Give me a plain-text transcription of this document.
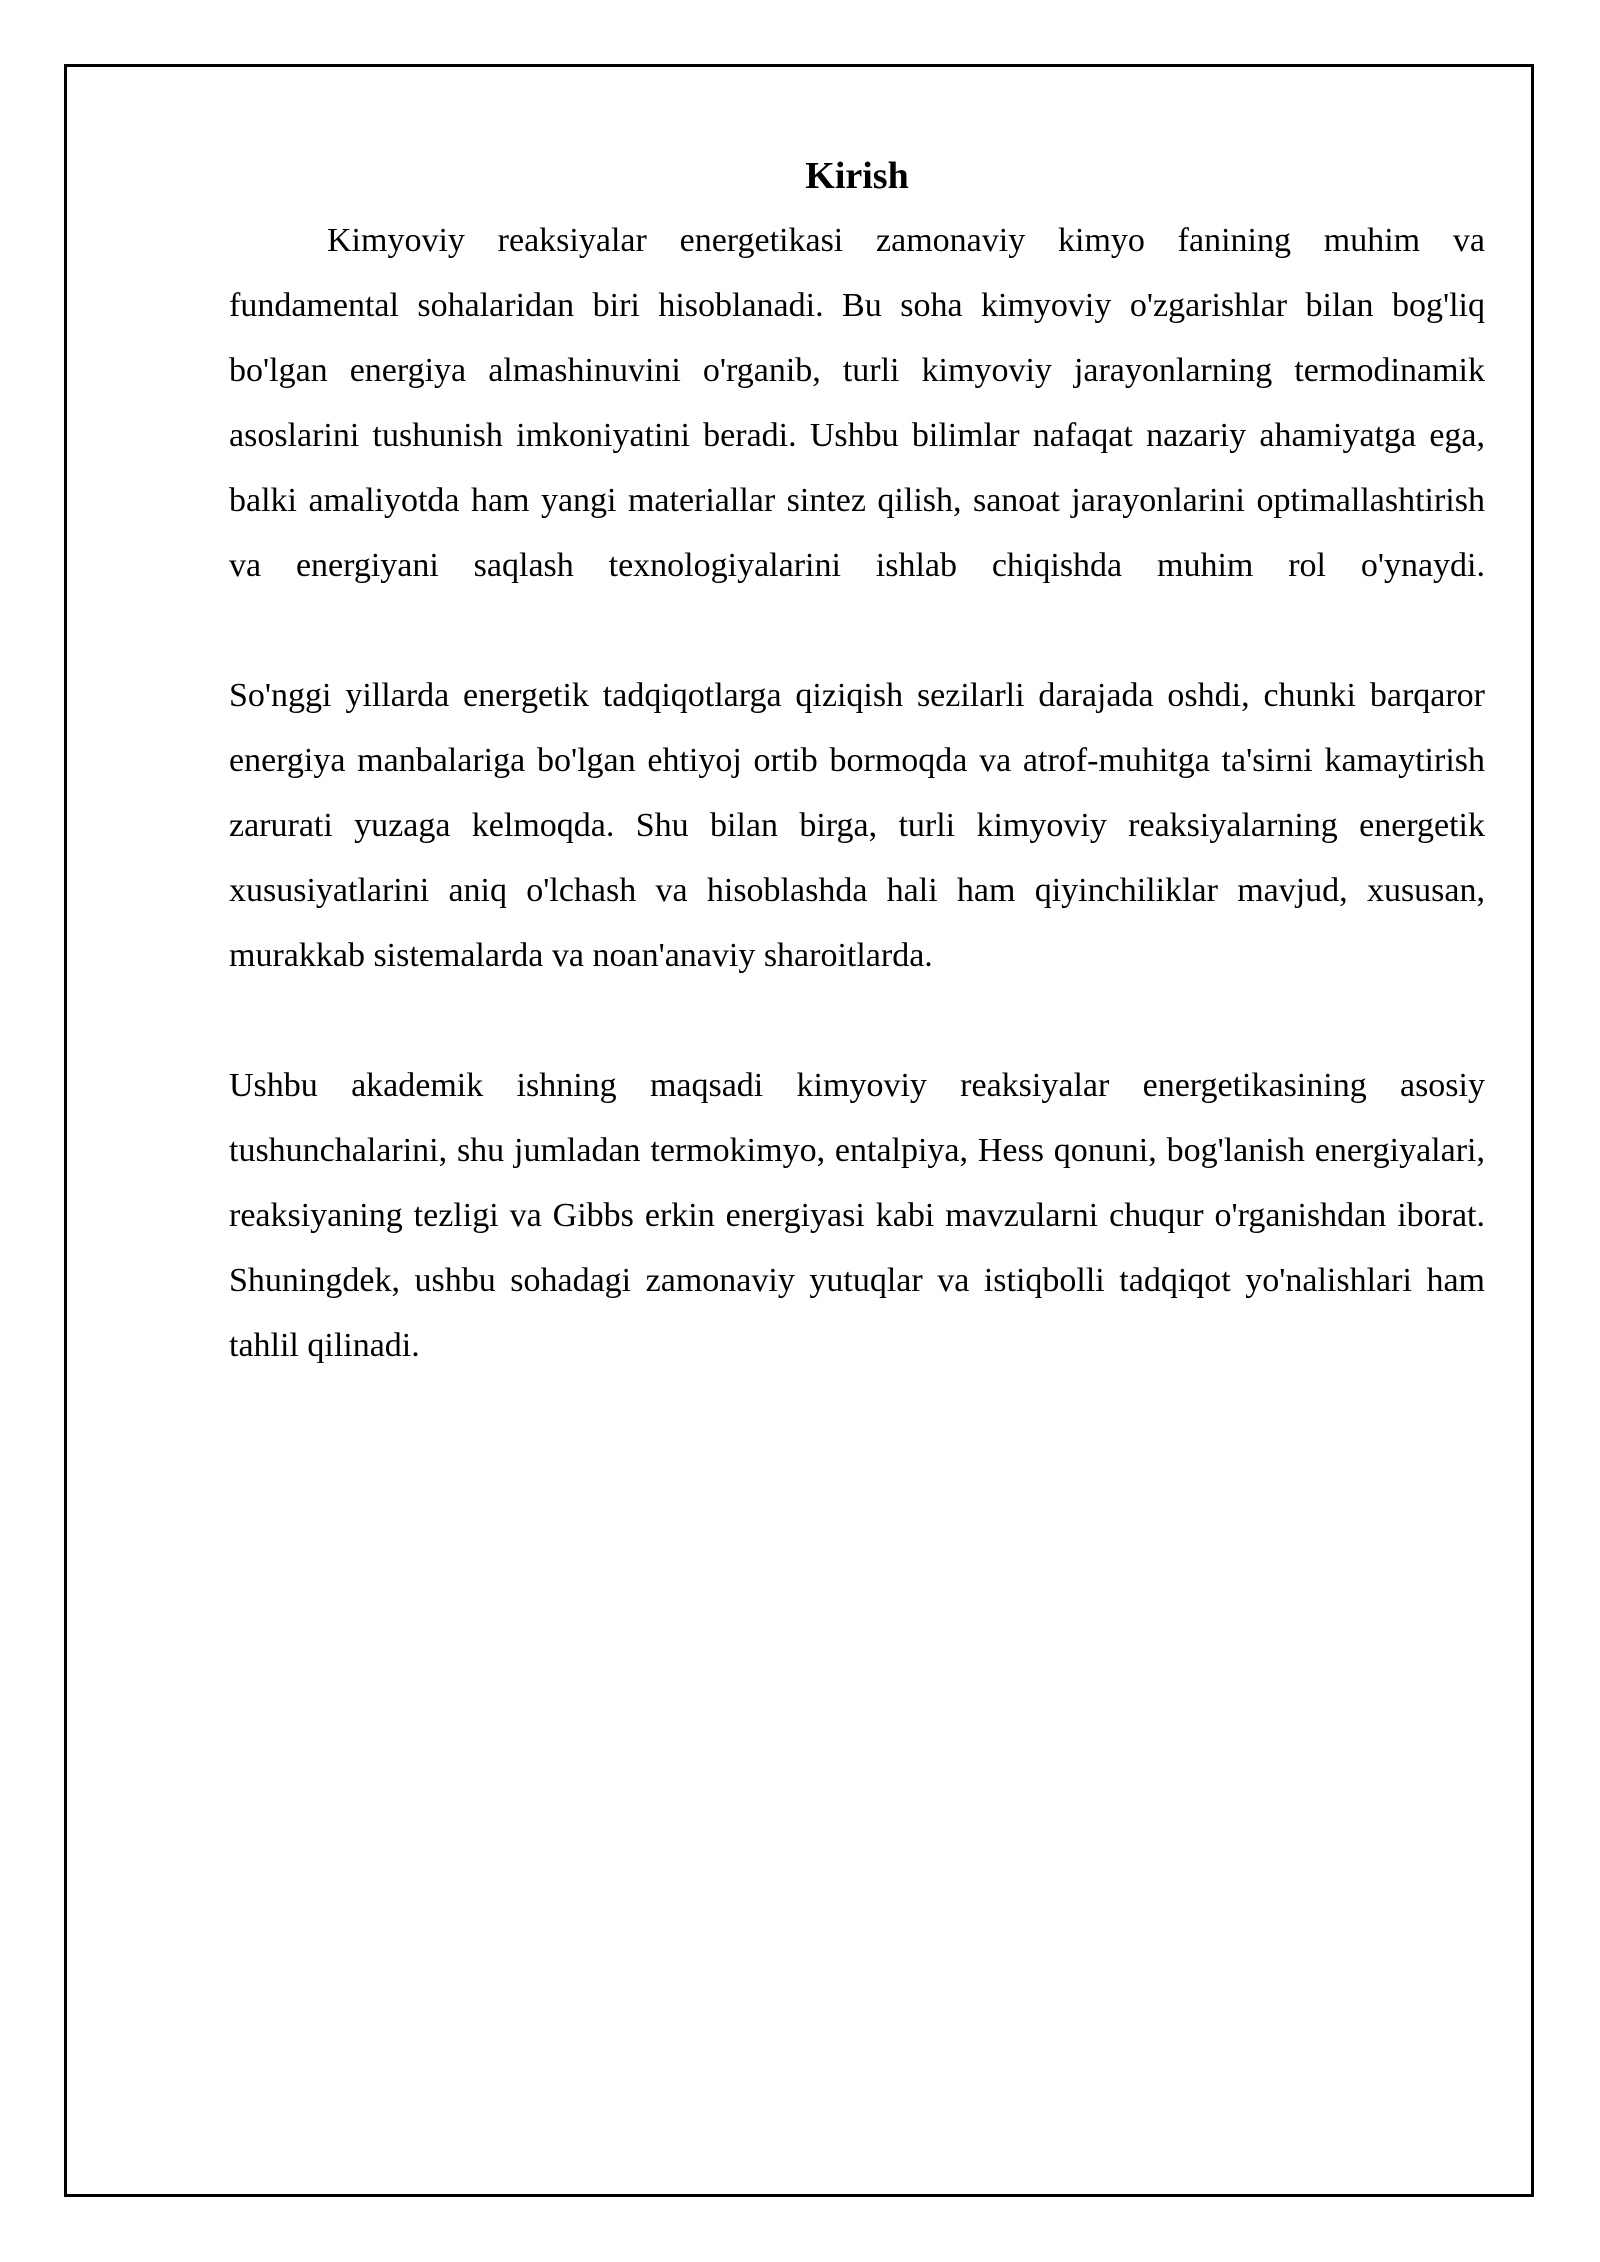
Kirish

Kimyoviy reaksiyalar energetikasi zamonaviy kimyo fanining muhim va fundamental sohalaridan biri hisoblanadi. Bu soha kimyoviy o'zgarishlar bilan bog'liq bo'lgan energiya almashinuvini o'rganib, turli kimyoviy jarayonlarning termodinamik asoslarini tushunish imkoniyatini beradi. Ushbu bilimlar nafaqat nazariy ahamiyatga ega, balki amaliyotda ham yangi materiallar sintez qilish, sanoat jarayonlarini optimallashtirish va energiyani saqlash texnologiyalarini ishlab chiqishda muhim rol o'ynaydi.

So'nggi yillarda energetik tadqiqotlarga qiziqish sezilarli darajada oshdi, chunki barqaror energiya manbalariga bo'lgan ehtiyoj ortib bormoqda va atrof-muhitga ta'sirni kamaytirish zarurati yuzaga kelmoqda. Shu bilan birga, turli kimyoviy reaksiyalarning energetik xususiyatlarini aniq o'lchash va hisoblashda hali ham qiyinchiliklar mavjud, xususan, murakkab sistemalarda va noan'anaviy sharoitlarda.

Ushbu akademik ishning maqsadi kimyoviy reaksiyalar energetikasining asosiy tushunchalarini, shu jumladan termokimyo, entalpiya, Hess qonuni, bog'lanish energiyalari, reaksiyaning tezligi va Gibbs erkin energiyasi kabi mavzularni chuqur o'rganishdan iborat. Shuningdek, ushbu sohadagi zamonaviy yutuqlar va istiqbolli tadqiqot yo'nalishlari ham tahlil qilinadi.
